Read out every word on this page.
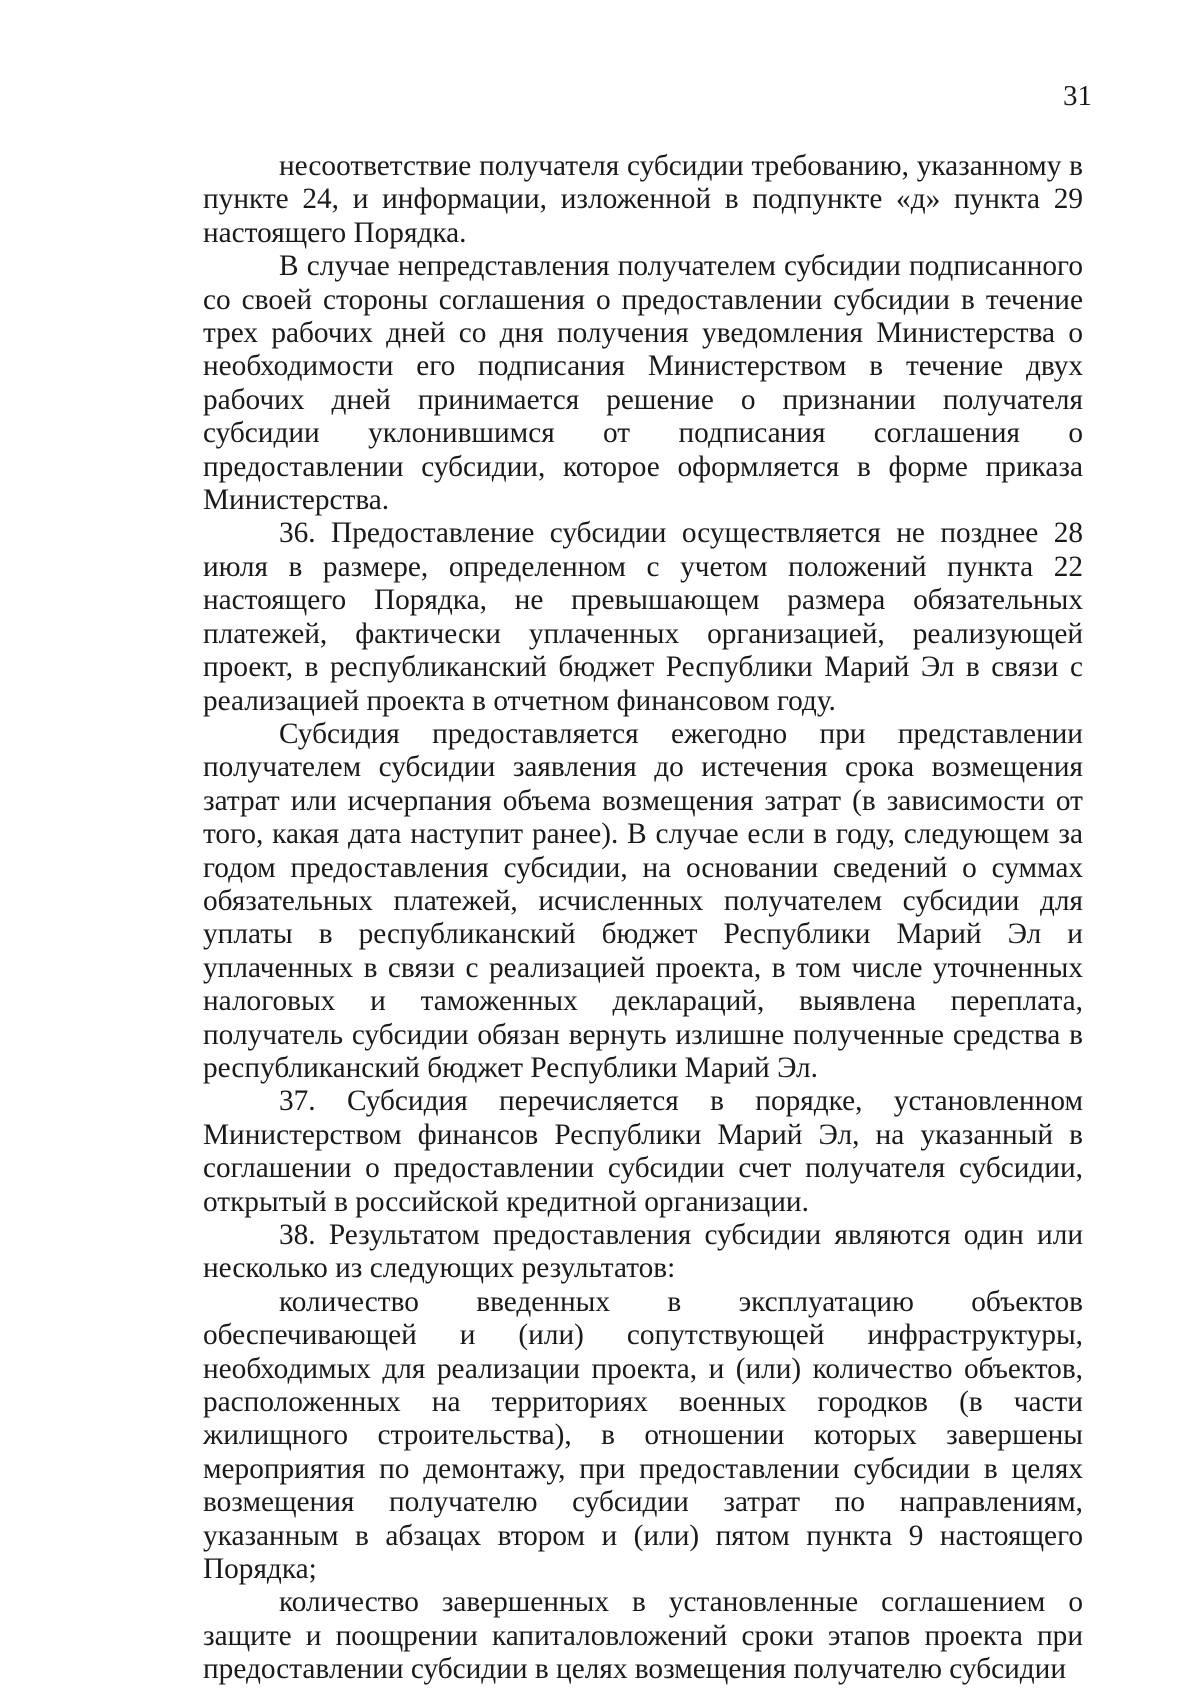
31

несоответствие получателя субсидии требованию, указанному в пункте 24, и информации, изложенной в подпункте «д» пункта 29 настоящего Порядка.

В случае непредставления получателем субсидии подписанного со своей стороны соглашения о предоставлении субсидии в течение трех рабочих дней со дня получения уведомления Министерства о необходимости его подписания Министерством в течение двух рабочих дней принимается решение о признании получателя субсидии уклонившимся от подписания соглашения о предоставлении субсидии, которое оформляется в форме приказа Министерства.

36. Предоставление субсидии осуществляется не позднее 28 июля в размере, определенном с учетом положений пункта 22 настоящего Порядка, не превышающем размера обязательных платежей, фактически уплаченных организацией, реализующей проект, в республиканский бюджет Республики Марий Эл в связи с реализацией проекта в отчетном финансовом году.

Субсидия предоставляется ежегодно при представлении получателем субсидии заявления до истечения срока возмещения затрат или исчерпания объема возмещения затрат (в зависимости от того, какая дата наступит ранее). В случае если в году, следующем за годом предоставления субсидии, на основании сведений о суммах обязательных платежей, исчисленных получателем субсидии для уплаты в республиканский бюджет Республики Марий Эл и уплаченных в связи с реализацией проекта, в том числе уточненных налоговых и таможенных деклараций, выявлена переплата, получатель субсидии обязан вернуть излишне полученные средства в республиканский бюджет Республики Марий Эл.

37. Субсидия перечисляется в порядке, установленном Министерством финансов Республики Марий Эл, на указанный в соглашении о предоставлении субсидии счет получателя субсидии, открытый в российской кредитной организации.

38. Результатом предоставления субсидии являются один или несколько из следующих результатов:

количество введенных в эксплуатацию объектов обеспечивающей и (или) сопутствующей инфраструктуры, необходимых для реализации проекта, и (или) количество объектов, расположенных на территориях военных городков (в части жилищного строительства), в отношении которых завершены мероприятия по демонтажу, при предоставлении субсидии в целях возмещения получателю субсидии затрат по направлениям, указанным в абзацах втором и (или) пятом пункта 9 настоящего Порядка;

количество завершенных в установленные соглашением о защите и поощрении капиталовложений сроки этапов проекта при предоставлении субсидии в целях возмещения получателю субсидии
